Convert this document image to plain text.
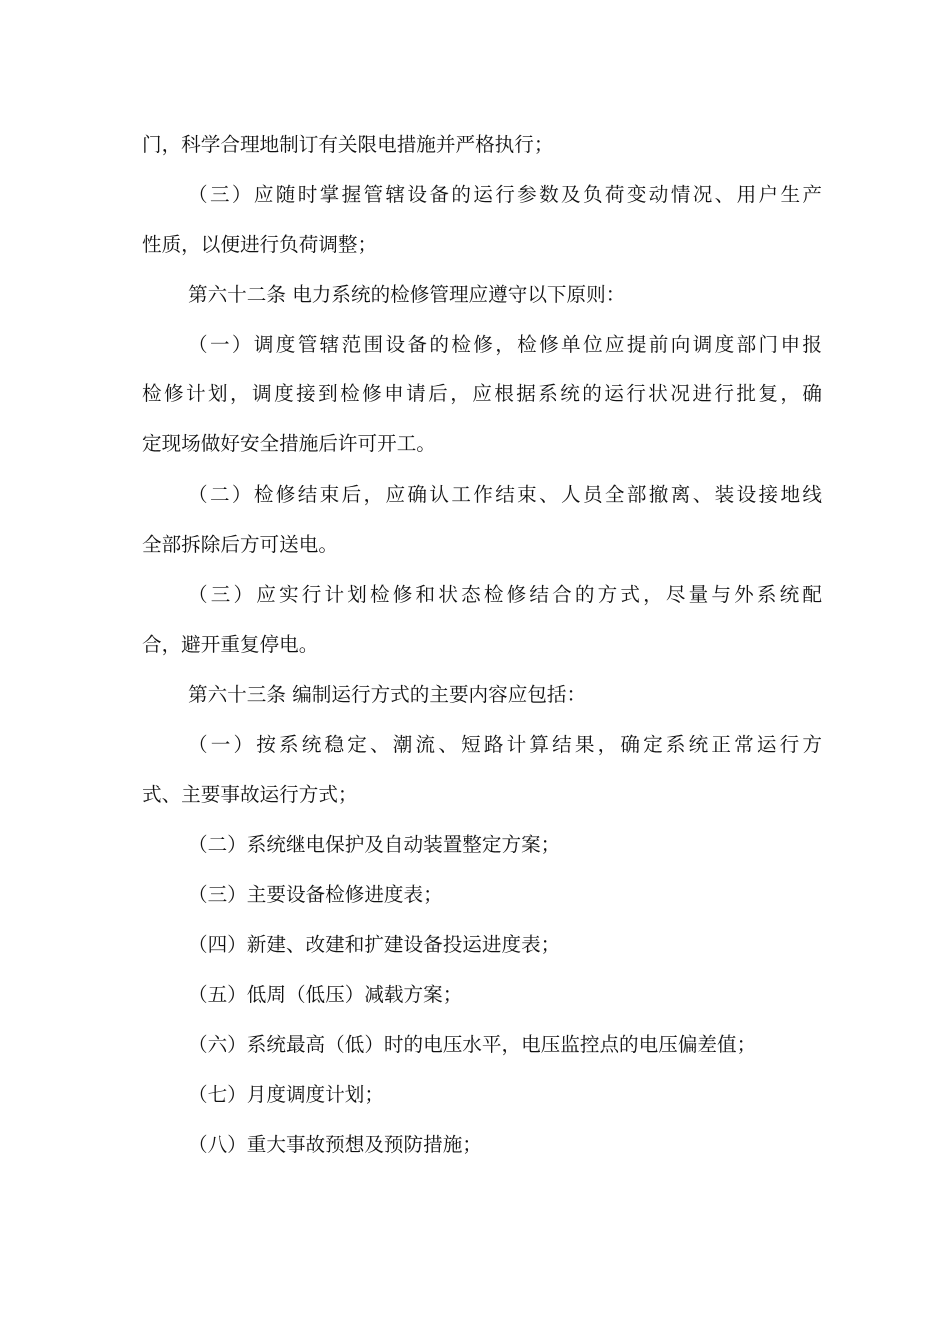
门，科学合理地制订有关限电措施并严格执行；
（三）应随时掌握管辖设备的运行参数及负荷变动情况、用户生产
性质，以便进行负荷调整；
第六十二条 电力系统的检修管理应遵守以下原则：
（一）调度管辖范围设备的检修，检修单位应提前向调度部门申报
检修计划，调度接到检修申请后，应根据系统的运行状况进行批复，确
定现场做好安全措施后许可开工。
（二）检修结束后，应确认工作结束、人员全部撤离、装设接地线
全部拆除后方可送电。
（三）应实行计划检修和状态检修结合的方式，尽量与外系统配
合，避开重复停电。
第六十三条 编制运行方式的主要内容应包括：
（一）按系统稳定、潮流、短路计算结果，确定系统正常运行方
式、主要事故运行方式；
（二）系统继电保护及自动装置整定方案；
（三）主要设备检修进度表；
（四）新建、改建和扩建设备投运进度表；
（五）低周（低压）减载方案；
（六）系统最高（低）时的电压水平，电压监控点的电压偏差值；
（七）月度调度计划；
（八）重大事故预想及预防措施；
